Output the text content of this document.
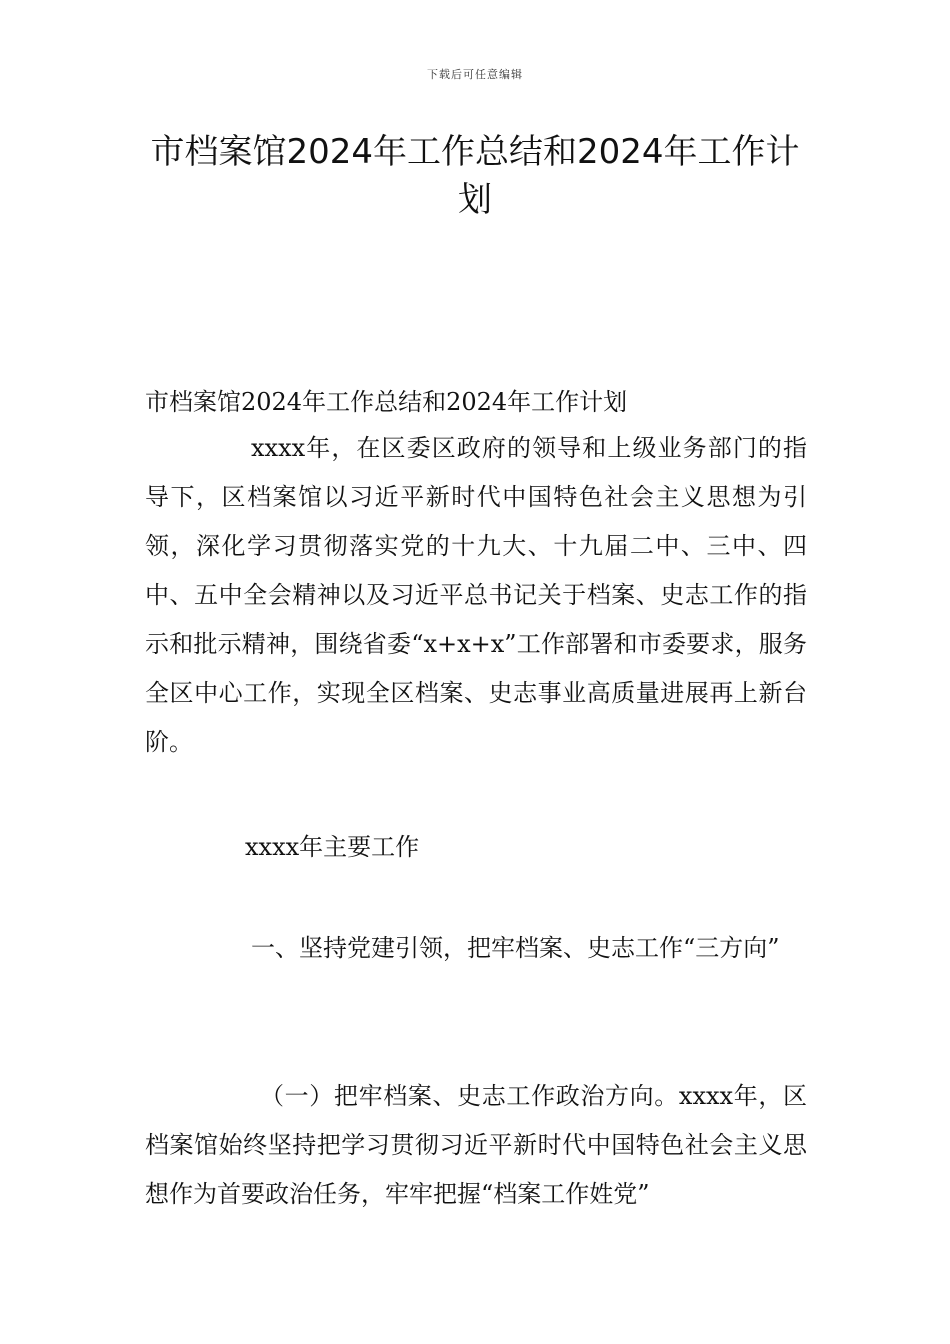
下载后可任意编辑
市档案馆2024年工作总结和2024年工作计划

市档案馆2024年工作总结和2024年工作计划

xxxx年，在区委区政府的领导和上级业务部门的指导下，区档案馆以习近平新时代中国特色社会主义思想为引领，深化学习贯彻落实党的十九大、十九届二中、三中、四中、五中全会精神以及习近平总书记关于档案、史志工作的指示和批示精神，围绕省委“x+x+x”工作部署和市委要求，服务全区中心工作，实现全区档案、史志事业高质量进展再上新台阶。

xxxx年主要工作

一、坚持党建引领，把牢档案、史志工作“三方向”

（一）把牢档案、史志工作政治方向。xxxx年，区档案馆始终坚持把学习贯彻习近平新时代中国特色社会主义思想作为首要政治任务，牢牢把握“档案工作姓党”
